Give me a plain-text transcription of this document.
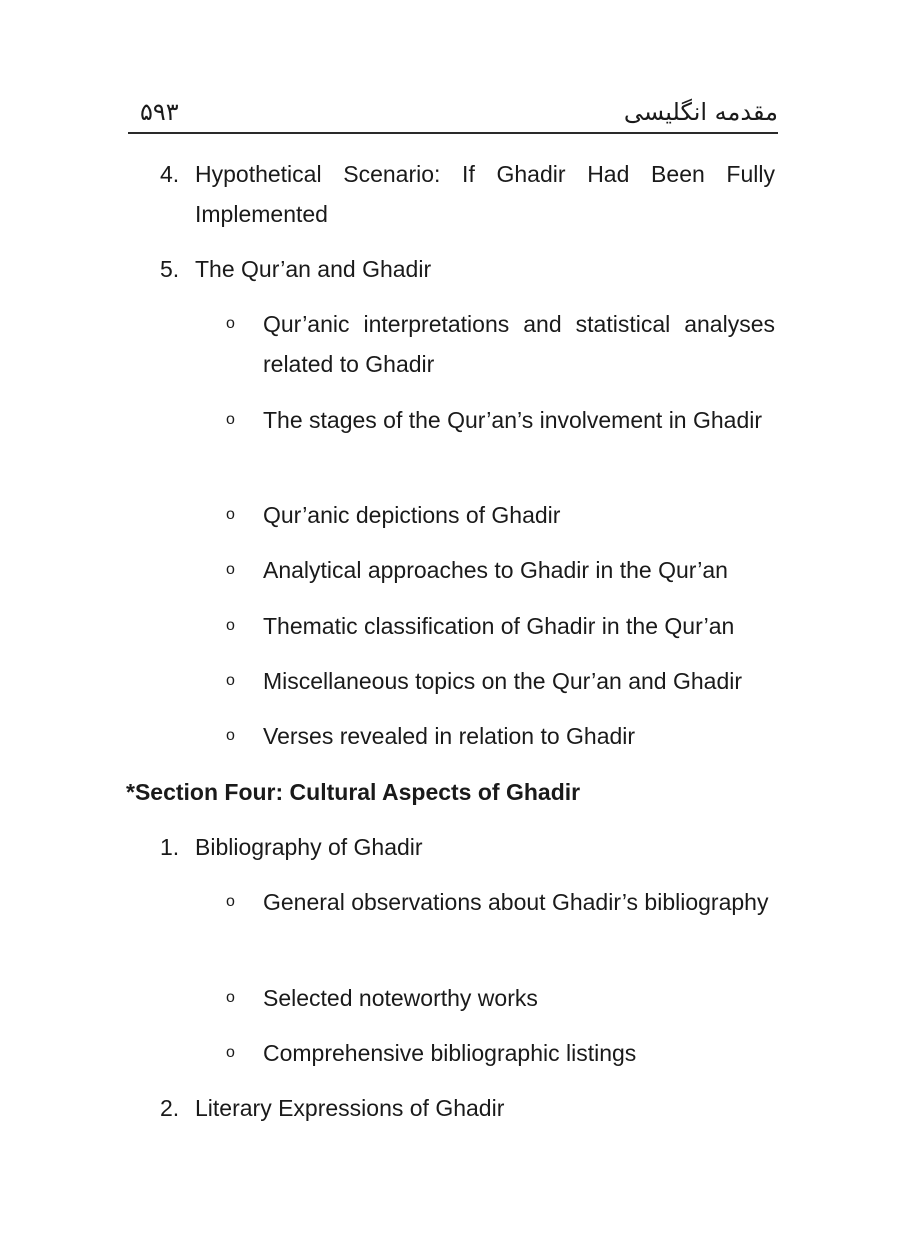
۵۹۳	مقدمه انگلیسی
4. Hypothetical Scenario: If Ghadir Had Been Fully Implemented
5. The Qur’an and Ghadir
o Qur’anic interpretations and statistical analyses related to Ghadir
o The stages of the Qur’an’s involvement in Ghadir
o Qur’anic depictions of Ghadir
o Analytical approaches to Ghadir in the Qur’an
o Thematic classification of Ghadir in the Qur’an
o Miscellaneous topics on the Qur’an and Ghadir
o Verses revealed in relation to Ghadir
*Section Four: Cultural Aspects of Ghadir
1. Bibliography of Ghadir
o General observations about Ghadir’s bibliography
o Selected noteworthy works
o Comprehensive bibliographic listings
2. Literary Expressions of Ghadir
